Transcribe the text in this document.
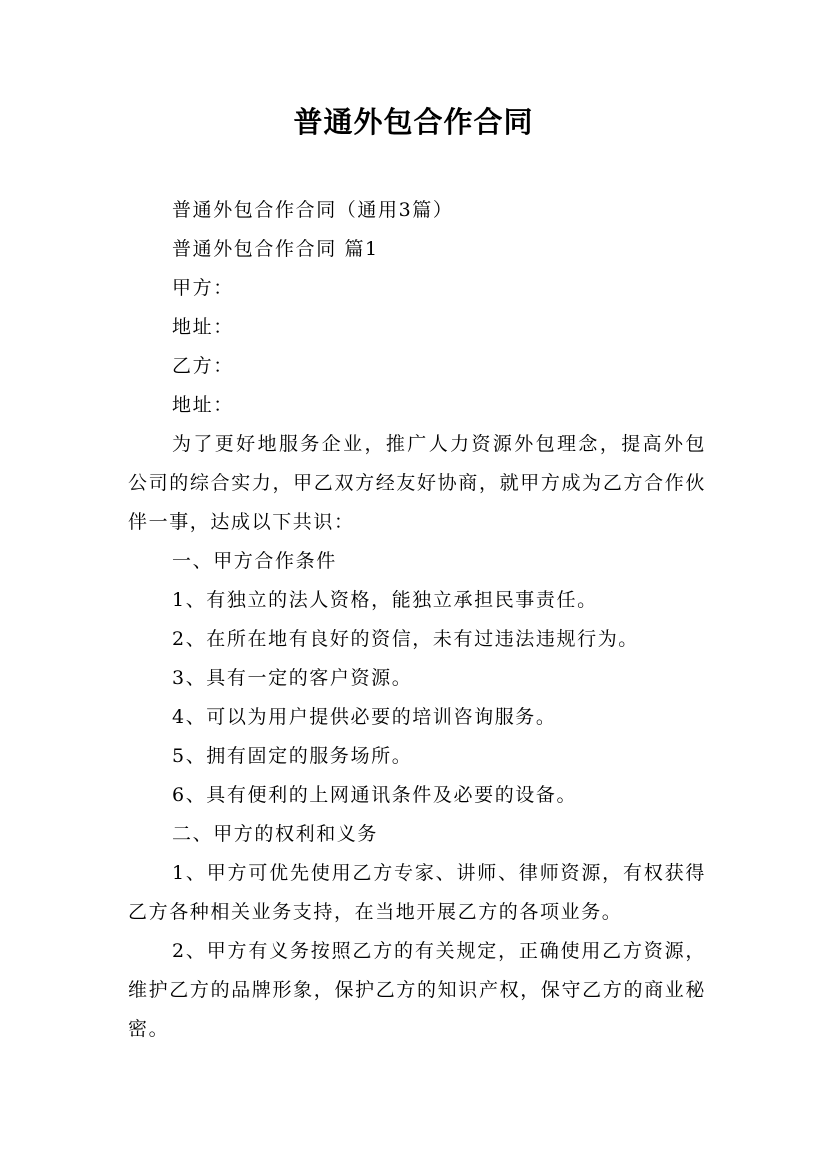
普通外包合作合同

普通外包合作合同（通用3篇）

普通外包合作合同 篇1

甲方：

地址：

乙方：

地址：

为了更好地服务企业，推广人力资源外包理念，提高外包公司的综合实力，甲乙双方经友好协商，就甲方成为乙方合作伙伴一事，达成以下共识：

一、甲方合作条件

1、有独立的法人资格，能独立承担民事责任。

2、在所在地有良好的资信，未有过违法违规行为。

3、具有一定的客户资源。

4、可以为用户提供必要的培训咨询服务。

5、拥有固定的服务场所。

6、具有便利的上网通讯条件及必要的设备。

二、甲方的权利和义务

1、甲方可优先使用乙方专家、讲师、律师资源，有权获得乙方各种相关业务支持，在当地开展乙方的各项业务。

2、甲方有义务按照乙方的有关规定，正确使用乙方资源，维护乙方的品牌形象，保护乙方的知识产权，保守乙方的商业秘密。
